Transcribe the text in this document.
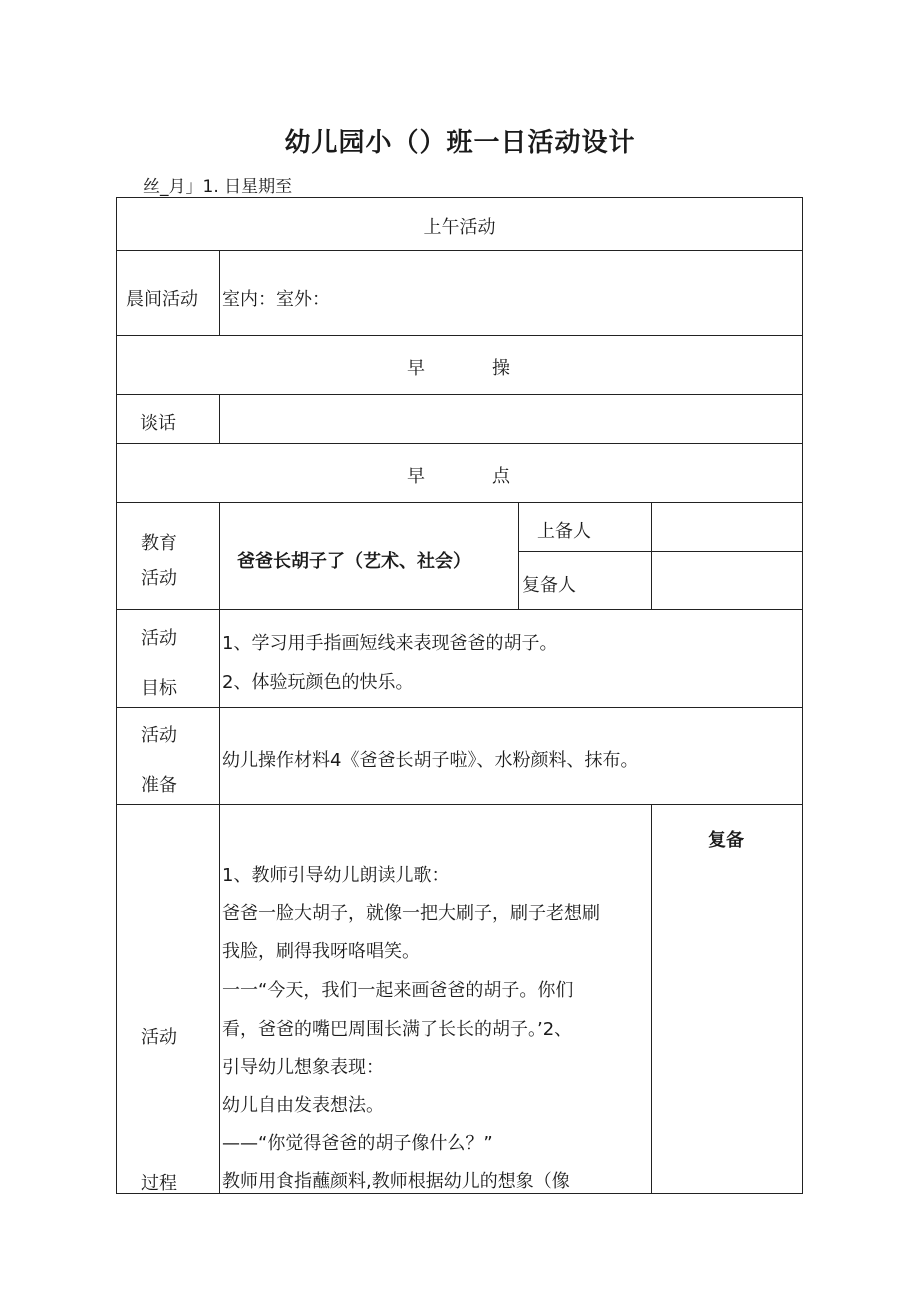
幼儿园小（）班一日活动设计
丝_月」1. 日星期至
上午活动
晨间活动 室内：室外：
早	操
谈话
早	点
教育
活动
爸爸长胡子了（艺术、社会）
上备人
复备人
活动
目标
1、学习用手指画短线来表现爸爸的胡子。
2、体验玩颜色的快乐。
活动
准备
幼儿操作材料4《爸爸长胡子啦》、水粉颜料、抹布。
活动
过程
复备
1、教师引导幼儿朗读儿歌：
爸爸一脸大胡子，就像一把大刷子，刷子老想刷
我脸，刷得我呀咯唱笑。
一一“今天，我们一起来画爸爸的胡子。你们
看，爸爸的嘴巴周围长满了长长的胡子。’2、
引导幼儿想象表现：
幼儿自由发表想法。
——“你觉得爸爸的胡子像什么？”
教师用食指蘸颜料,教师根据幼儿的想象（像
